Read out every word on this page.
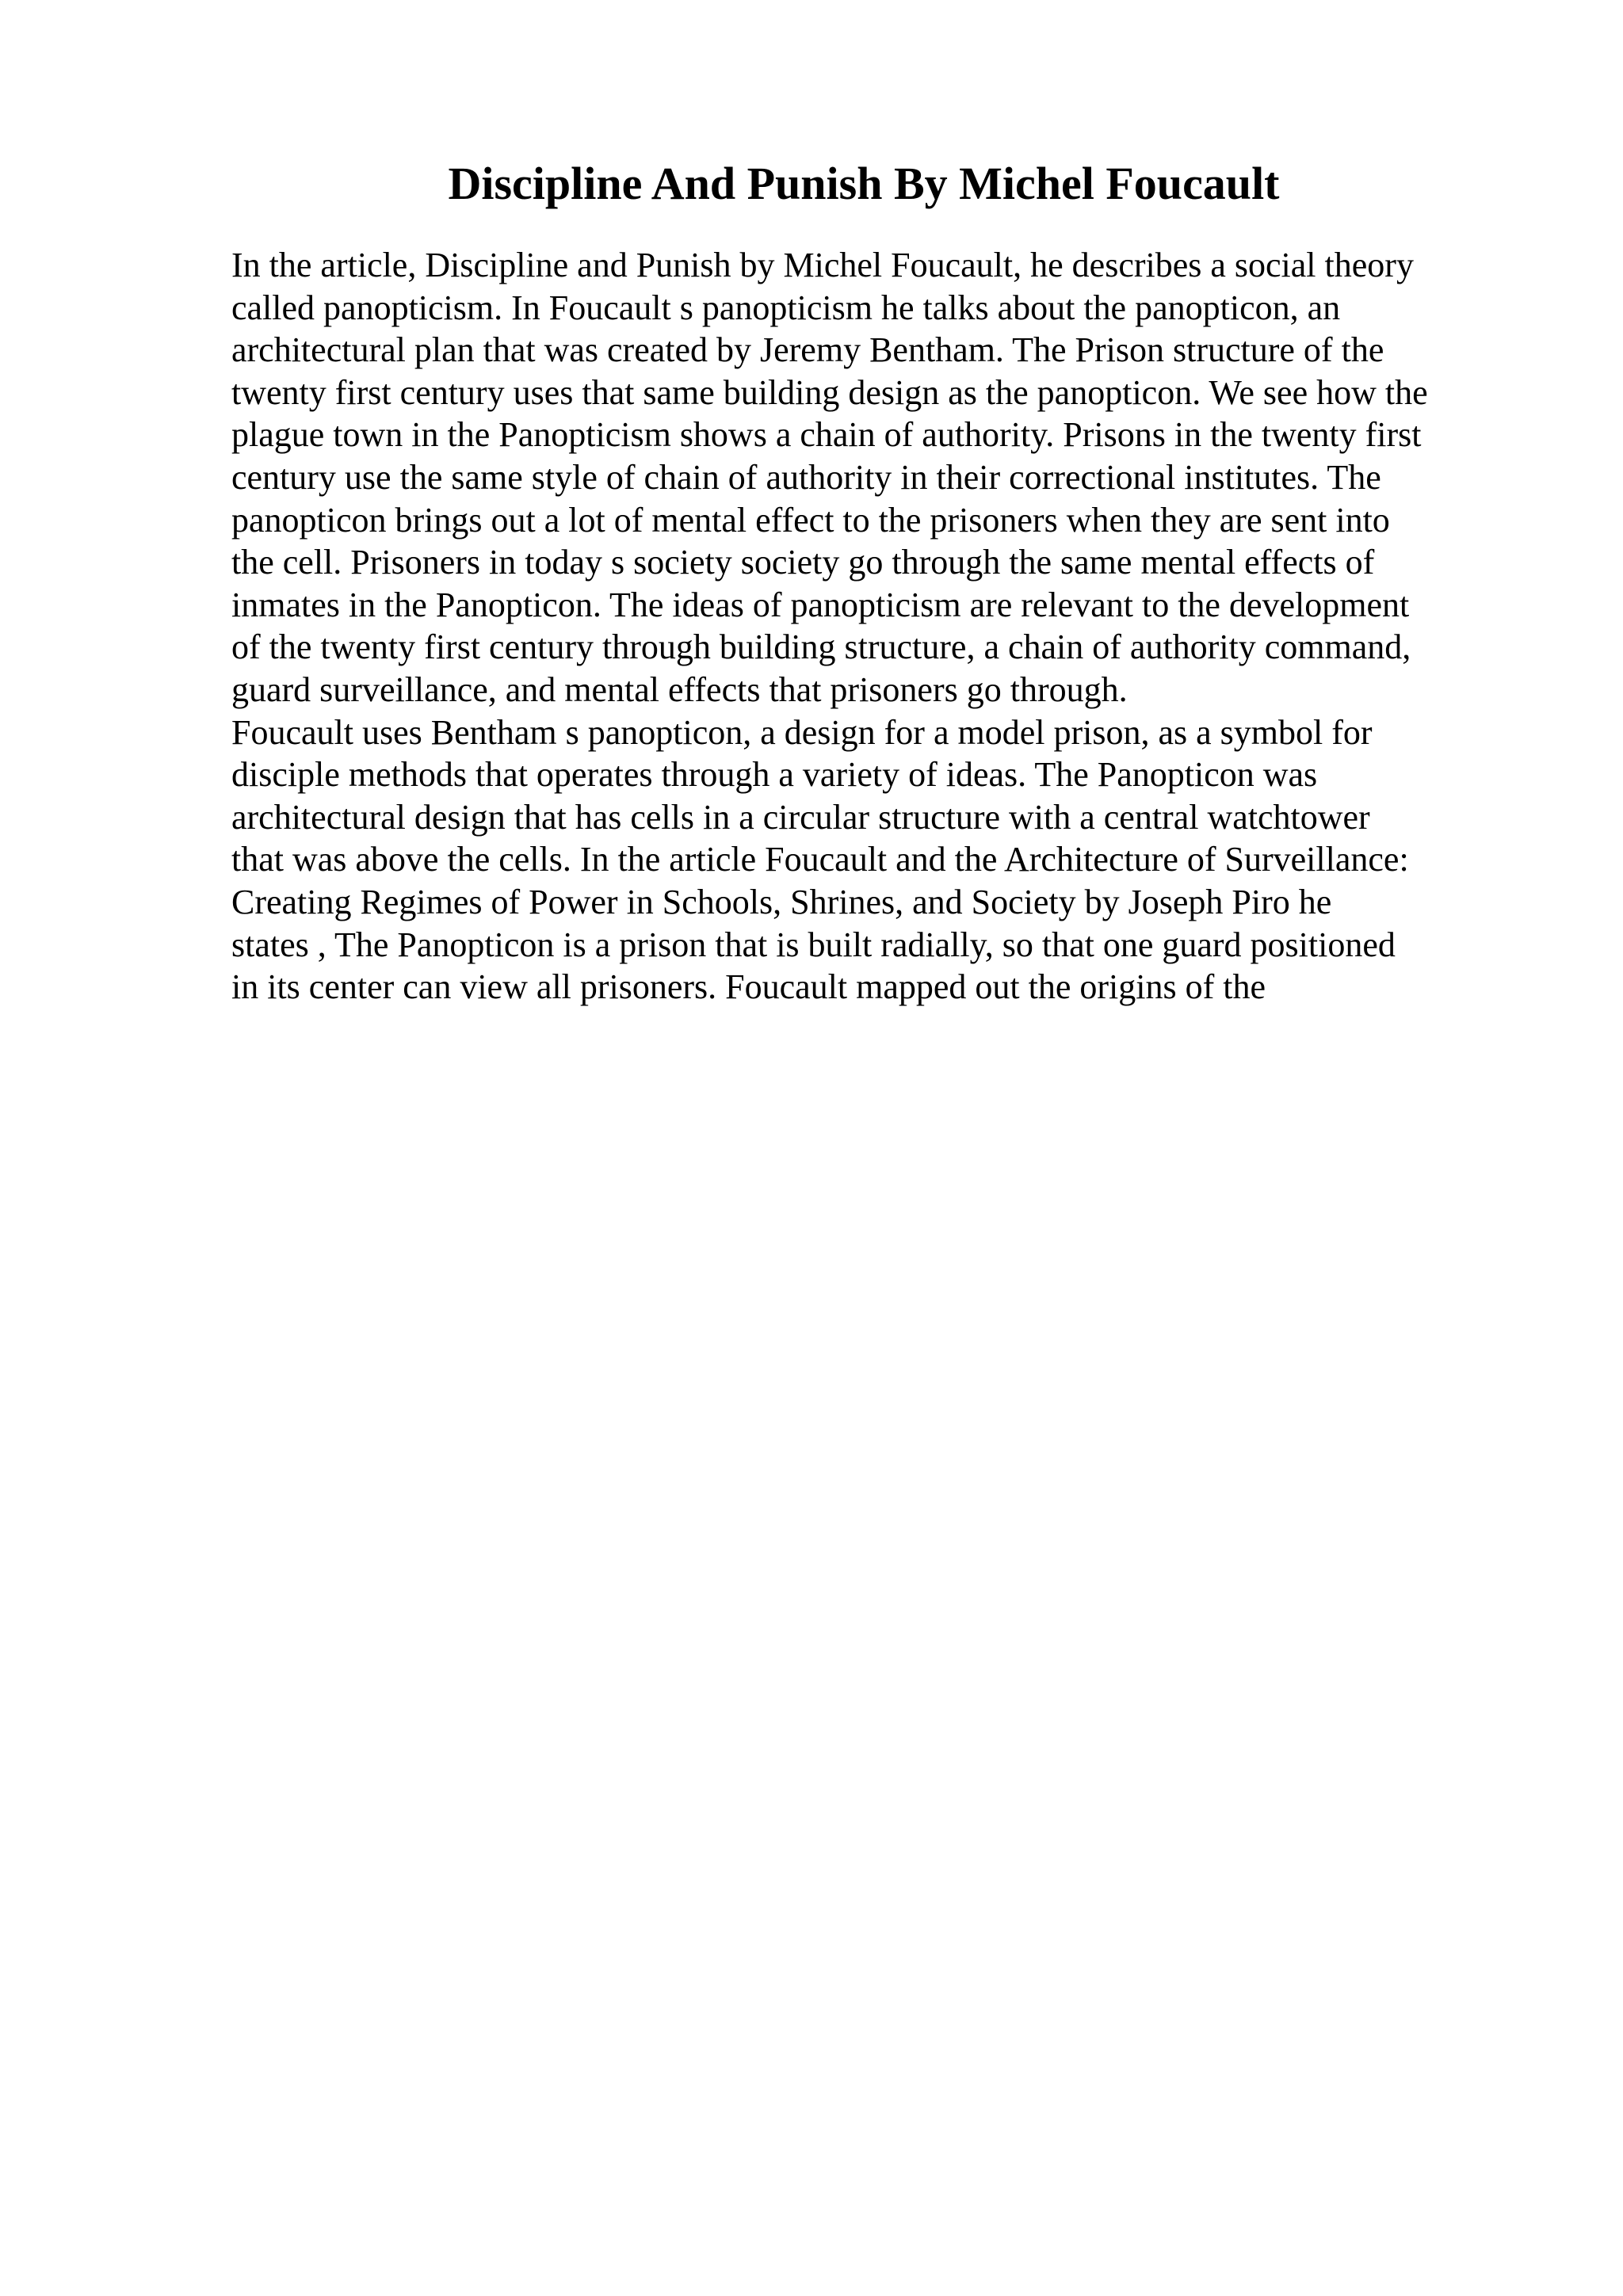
Discipline And Punish By Michel Foucault
In the article, Discipline and Punish by Michel Foucault, he describes a social theory
called panopticism. In Foucault s panopticism he talks about the panopticon, an
architectural plan that was created by Jeremy Bentham. The Prison structure of the
twenty first century uses that same building design as the panopticon. We see how the
plague town in the Panopticism shows a chain of authority. Prisons in the twenty first
century use the same style of chain of authority in their correctional institutes. The
panopticon brings out a lot of mental effect to the prisoners when they are sent into
the cell. Prisoners in today s society society go through the same mental effects of
inmates in the Panopticon. The ideas of panopticism are relevant to the development
of the twenty first century through building structure, a chain of authority command,
guard surveillance, and mental effects that prisoners go through.
Foucault uses Bentham s panopticon, a design for a model prison, as a symbol for
disciple methods that operates through a variety of ideas. The Panopticon was
architectural design that has cells in a circular structure with a central watchtower
that was above the cells. In the article Foucault and the Architecture of Surveillance:
Creating Regimes of Power in Schools, Shrines, and Society by Joseph Piro he
states , The Panopticon is a prison that is built radially, so that one guard positioned
in its center can view all prisoners. Foucault mapped out the origins of the
